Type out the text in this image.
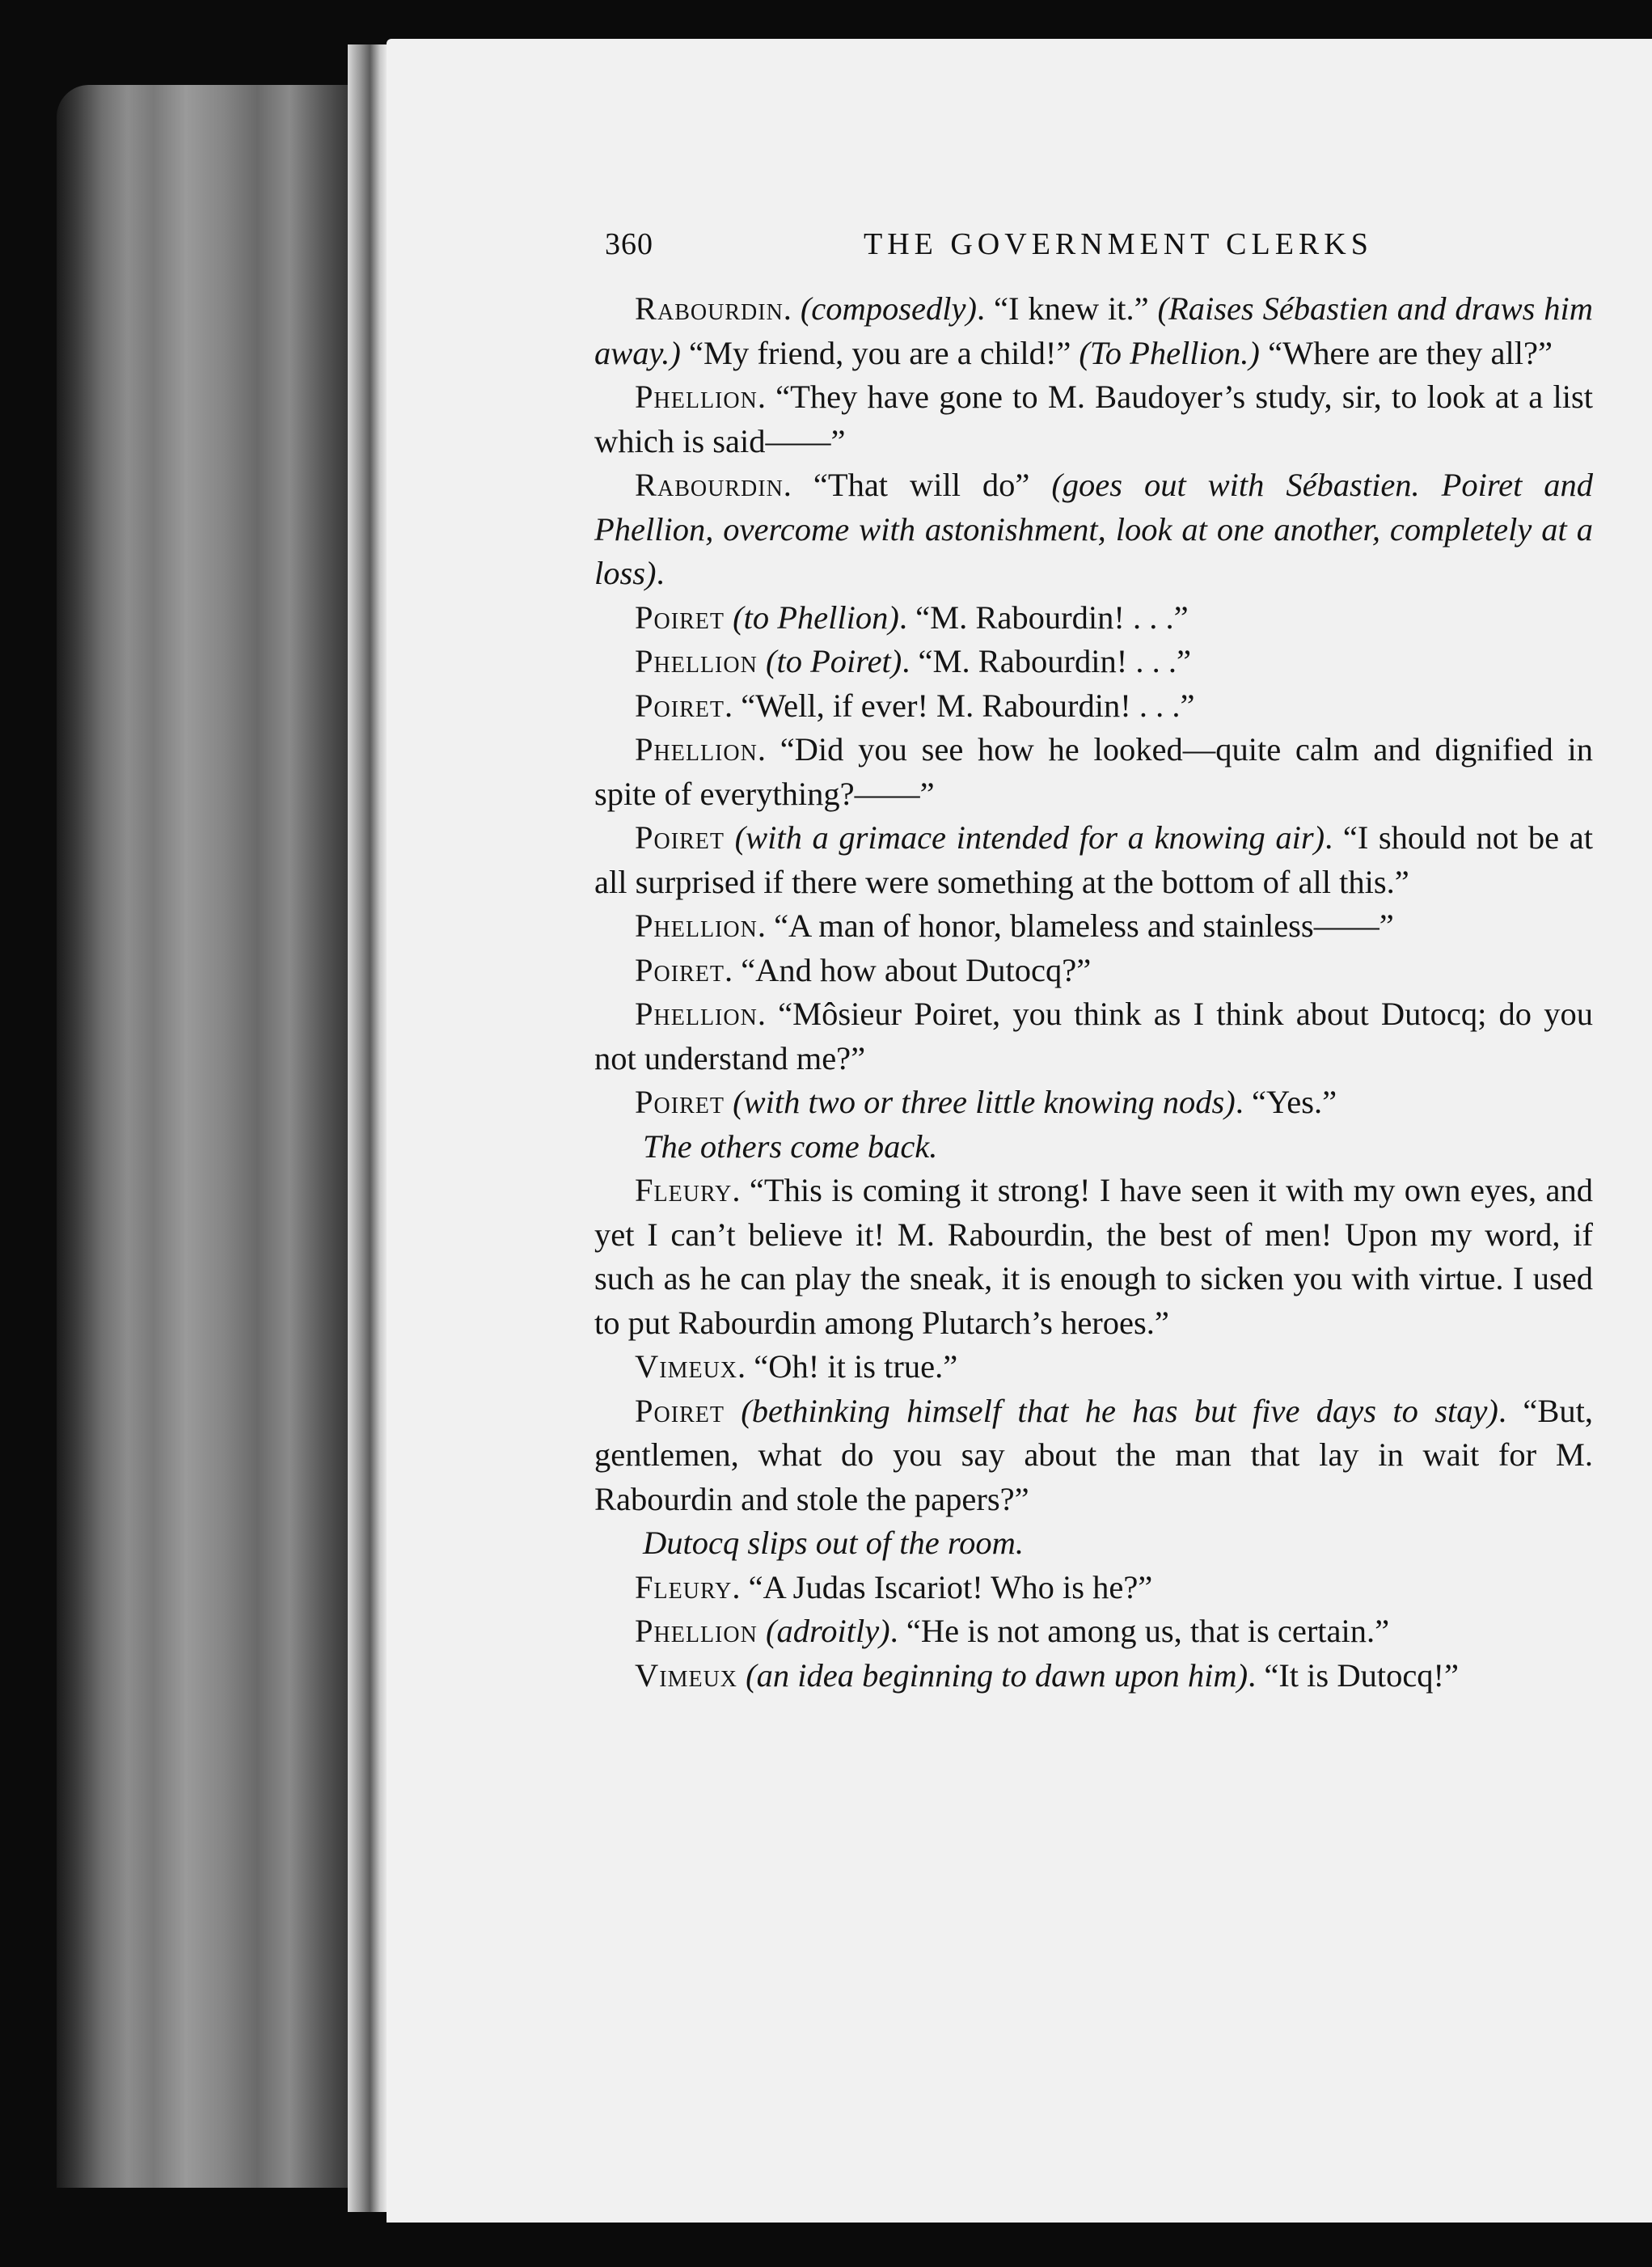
360	THE GOVERNMENT CLERKS

Rabourdin. (composedly). “I knew it.” (Raises Sébastien and draws him away.) “My friend, you are a child!” (To Phellion.) “Where are they all?”

Phellion. “They have gone to M. Baudoyer’s study, sir, to look at a list which is said——”

Rabourdin. “That will do” (goes out with Sébastien. Poiret and Phellion, overcome with astonishment, look at one another, completely at a loss).

Poiret (to Phellion). “M. Rabourdin! . . .”

Phellion (to Poiret). “M. Rabourdin! . . .”

Poiret. “Well, if ever! M. Rabourdin! . . .”

Phellion. “Did you see how he looked—quite calm and dignified in spite of everything?——”

Poiret (with a grimace intended for a knowing air). “I should not be at all surprised if there were something at the bottom of all this.”

Phellion. “A man of honor, blameless and stainless——”

Poiret. “And how about Dutocq?”

Phellion. “Môsieur Poiret, you think as I think about Dutocq; do you not understand me?”

Poiret (with two or three little knowing nods). “Yes.”

The others come back.

Fleury. “This is coming it strong! I have seen it with my own eyes, and yet I can’t believe it! M. Rabourdin, the best of men! Upon my word, if such as he can play the sneak, it is enough to sicken you with virtue. I used to put Rabourdin among Plutarch’s heroes.”

Vimeux. “Oh! it is true.”

Poiret (bethinking himself that he has but five days to stay). “But, gentlemen, what do you say about the man that lay in wait for M. Rabourdin and stole the papers?”

Dutocq slips out of the room.

Fleury. “A Judas Iscariot! Who is he?”

Phellion (adroitly). “He is not among us, that is certain.”

Vimeux (an idea beginning to dawn upon him). “It is Dutocq!”
